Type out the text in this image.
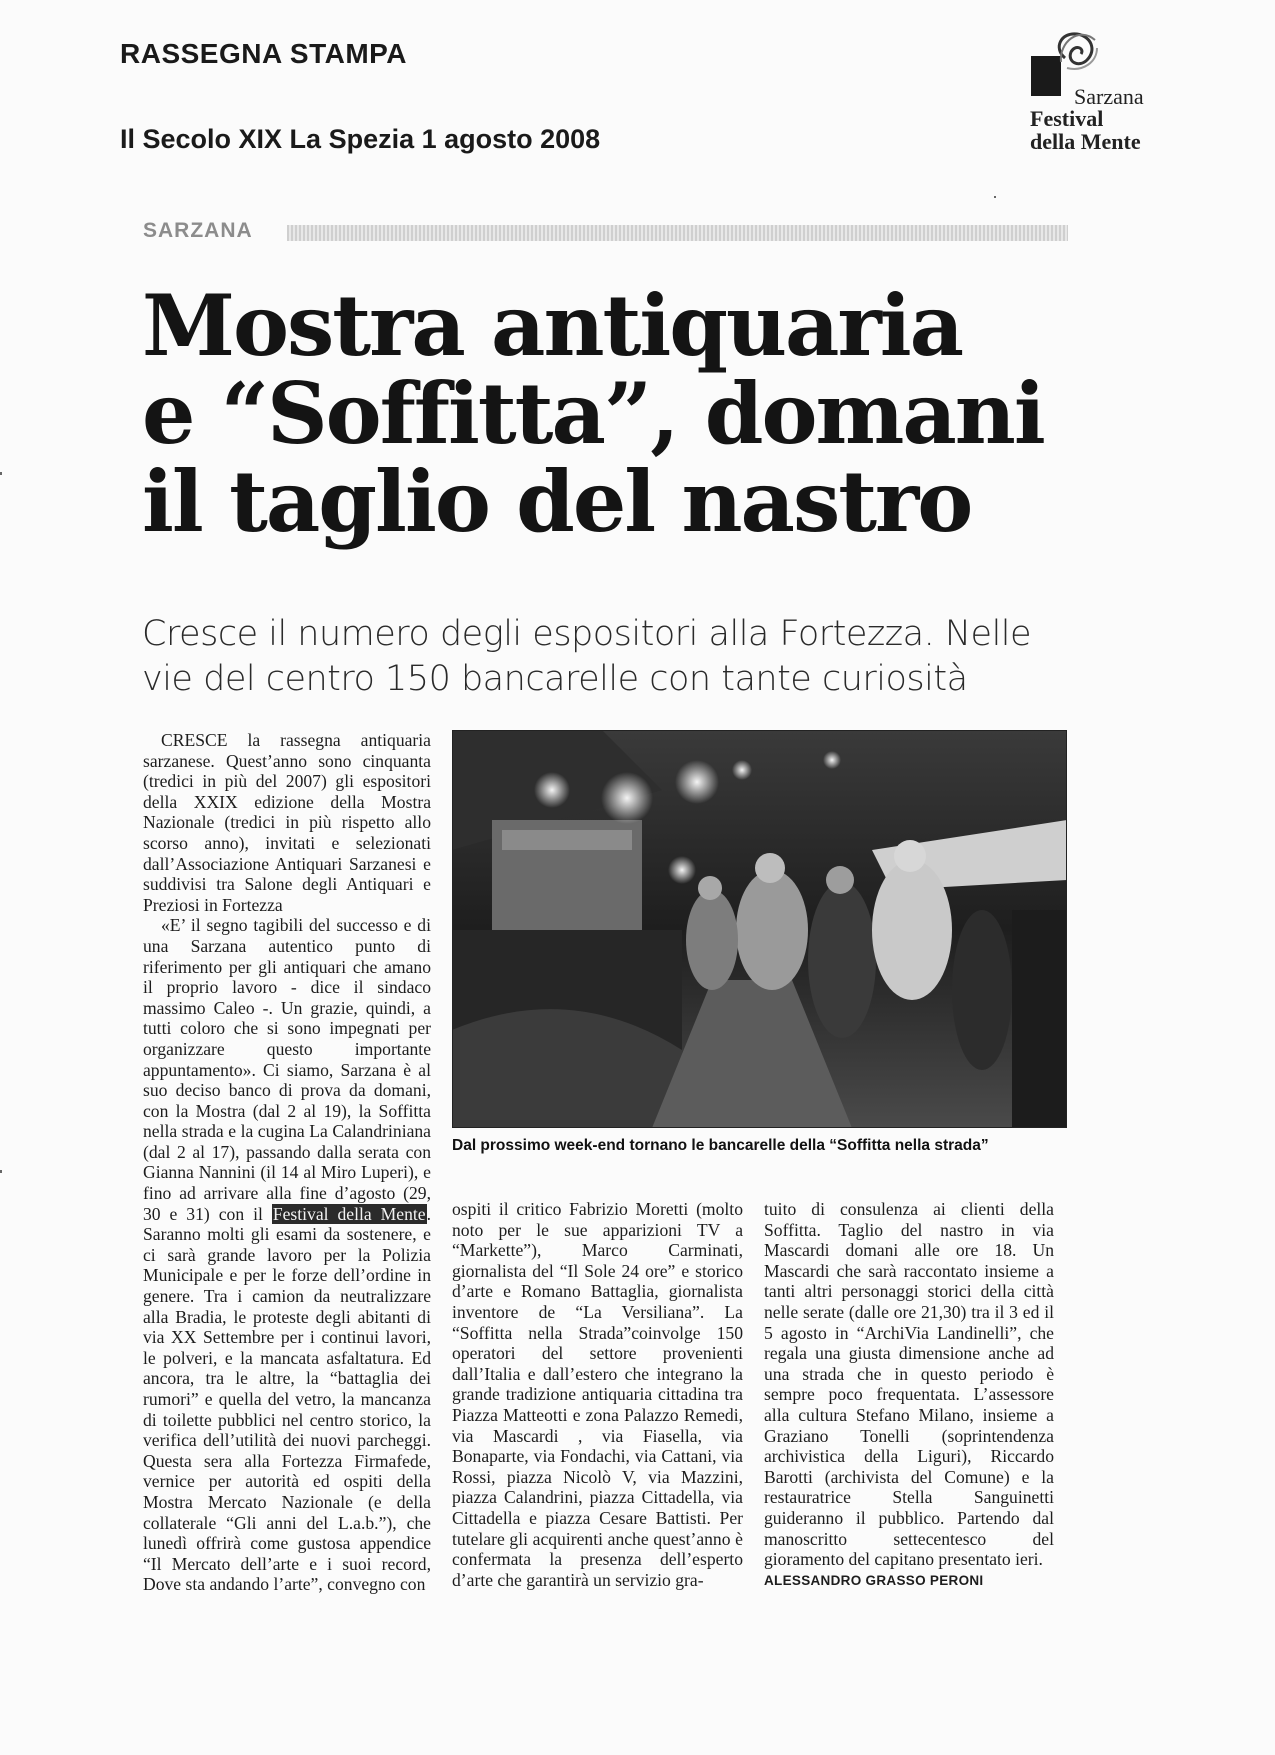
RASSEGNA STAMPA
Il Secolo XIX La Spezia 1 agosto 2008
Sarzana
Festival
della Mente
SARZANA
Mostra antiquaria
e “Soffitta”, domani
il taglio del nastro
Cresce il numero degli espositori alla Fortezza. Nelle vie del centro 150 bancarelle con tante curiosità

CRESCE la rassegna antiquaria sarzanese. Quest’anno sono cinquanta (tredici in più del 2007) gli espositori della XXIX edizione della Mostra Nazionale (tredici in più rispetto allo scorso anno), invitati e selezionati dall’Associazione Antiquari Sarzanesi e suddivisi tra Salone degli Antiquari e Preziosi in Fortezza

«E’ il segno tagibili del successo e di una Sarzana autentico punto di riferimento per gli antiquari che amano il proprio lavoro - dice il sindaco massimo Caleo -. Un grazie, quindi, a tutti coloro che si sono impegnati per organizzare questo importante appuntamento». Ci siamo, Sarzana è al suo deciso banco di prova da domani, con la Mostra (dal 2 al 19), la Soffitta nella strada e la cugina La Calandriniana (dal 2 al 17), passando dalla serata con Gianna Nannini (il 14 al Miro Luperi), e fino ad arrivare alla fine d’agosto (29, 30 e 31) con il Festival della Mente. Saranno molti gli esami da sostenere, e ci sarà grande lavoro per la Polizia Municipale e per le forze dell’ordine in genere. Tra i camion da neutralizzare alla Bradia, le proteste degli abitanti di via XX Settembre per i continui lavori, le polveri, e la mancata asfaltatura. Ed ancora, tra le altre, la “battaglia dei rumori” e quella del vetro, la mancanza di toilette pubblici nel centro storico, la verifica dell’utilità dei nuovi parcheggi. Questa sera alla Fortezza Firmafede, vernice per autorità ed ospiti della Mostra Mercato Nazionale (e della collaterale “Gli anni del L.a.b.”), che lunedì offrirà come gustosa appendice “Il Mercato dell’arte e i suoi record, Dove sta andando l’arte”, convegno con

Dal prossimo week-end tornano le bancarelle della “Soffitta nella strada”

ospiti il critico Fabrizio Moretti (molto noto per le sue apparizioni TV a “Markette”), Marco Carminati, giornalista del “Il Sole 24 ore” e storico d’arte e Romano Battaglia, giornalista inventore de “La Versiliana”. La “Soffitta nella Strada”coinvolge 150 operatori del settore provenienti dall’Italia e dall’estero che integrano la grande tradizione antiquaria cittadina tra Piazza Matteotti e zona Palazzo Remedi, via Mascardi , via Fiasella, via Bonaparte, via Fondachi, via Cattani, via Rossi, piazza Nicolò V, via Mazzini, piazza Calandrini, piazza Cittadella, via Cittadella e piazza Cesare Battisti. Per tutelare gli acquirenti anche quest’anno è confermata la presenza dell’esperto d’arte che garantirà un servizio gra-

tuito di consulenza ai clienti della Soffitta. Taglio del nastro in via Mascardi domani alle ore 18. Un Mascardi che sarà raccontato insieme a tanti altri personaggi storici della città nelle serate (dalle ore 21,30) tra il 3 ed il 5 agosto in “ArchiVia Landinelli”, che regala una giusta dimensione anche ad una strada che in questo periodo è sempre poco frequentata. L’assessore alla cultura Stefano Milano, insieme a Graziano Tonelli (soprintendenza archivistica della Liguri), Riccardo Barotti (archivista del Comune) e la restauratrice Stella Sanguinetti guideranno il pubblico. Partendo dal manoscritto settecentesco del gioramento del capitano presentato ieri.

ALESSANDRO GRASSO PERONI
